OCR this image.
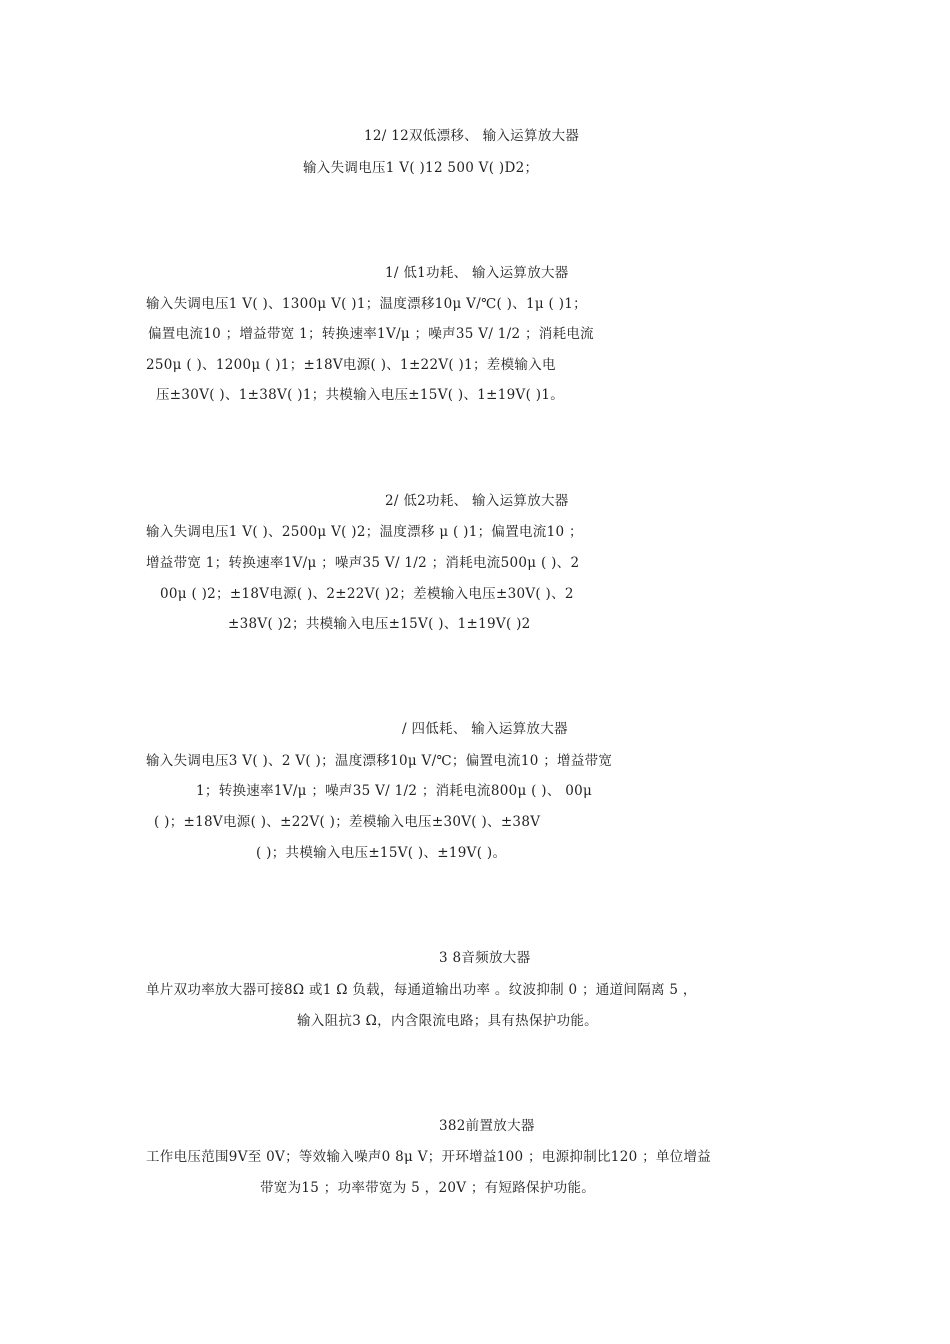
12/ 12双低漂移、 输入运算放大器
输入失调电压1 V( )12 500 V( )D2；
1/ 低1功耗、 输入运算放大器
输入失调电压1 V( )、1300μ V( )1；温度漂移10μ V/℃( )、1μ ( )1；
偏置电流10 ；增益带宽 1；转换速率1V/μ ；噪声35 V/ 1/2 ；消耗电流
250μ ( )、1200μ ( )1；±18V电源( )、1±22V( )1；差模输入电
压±30V( )、1±38V( )1；共模输入电压±15V( )、1±19V( )1。
2/ 低2功耗、 输入运算放大器
输入失调电压1 V( )、2500μ V( )2；温度漂移 μ ( )1；偏置电流10 ；
增益带宽 1；转换速率1V/μ ；噪声35 V/ 1/2 ；消耗电流500μ ( )、2
00μ ( )2；±18V电源( )、2±22V( )2；差模输入电压±30V( )、2
±38V( )2；共模输入电压±15V( )、1±19V( )2
/ 四低耗、 输入运算放大器
输入失调电压3 V( )、2 V( )；温度漂移10μ V/℃；偏置电流10 ；增益带宽
1；转换速率1V/μ ；噪声35 V/ 1/2 ；消耗电流800μ ( )、 00μ
( )；±18V电源( )、±22V( )；差模输入电压±30V( )、±38V
( )；共模输入电压±15V( )、±19V( )。
3 8音频放大器
单片双功率放大器可接8Ω 或1 Ω 负载，每通道输出功率 。纹波抑制 0 ；通道间隔离 5 ，
输入阻抗3 Ω，内含限流电路；具有热保护功能。
382前置放大器
工作电压范围9V至 0V；等效输入噪声0 8μ V；开环增益100 ；电源抑制比120 ；单位增益
带宽为15 ；功率带宽为 5 ，20V ；有短路保护功能。
